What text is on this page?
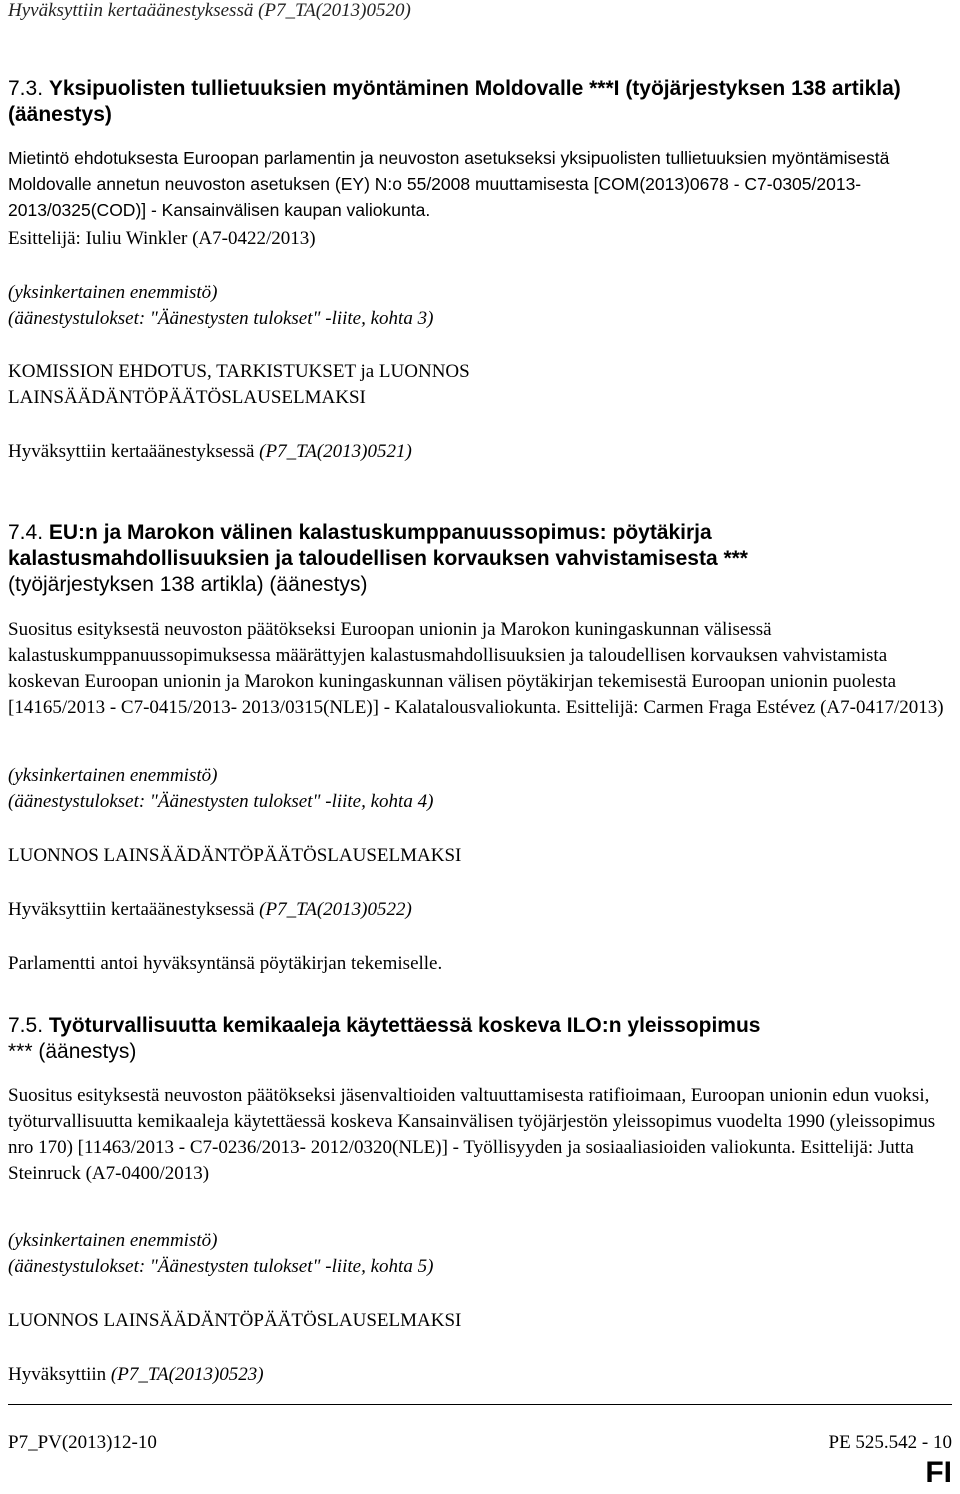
Hyväksyttiin kertaäänestyksessä (P7_TA(2013)0520)

7.3. Yksipuolisten tullietuuksien myöntäminen Moldovalle ***I (työjärjestyksen 138 artikla) (äänestys)

Mietintö ehdotuksesta Euroopan parlamentin ja neuvoston asetukseksi yksipuolisten tullietuuksien myöntämisestä Moldovalle annetun neuvoston asetuksen (EY) N:o 55/2008 muuttamisesta [COM(2013)0678 - C7-0305/2013- 2013/0325(COD)] - Kansainvälisen kaupan valiokunta.

Esittelijä: Iuliu Winkler (A7-0422/2013)

(yksinkertainen enemmistö)

(äänestystulokset: "Äänestysten tulokset" -liite, kohta 3)

KOMISSION EHDOTUS, TARKISTUKSET ja LUONNOS

LAINSÄÄDÄNTÖPÄÄTÖSLAUSELMAKSI

Hyväksyttiin kertaäänestyksessä (P7_TA(2013)0521)

7.4. EU:n ja Marokon välinen kalastuskumppanuussopimus: pöytäkirja kalastusmahdollisuuksien ja taloudellisen korvauksen vahvistamisesta ***
(työjärjestyksen 138 artikla) (äänestys)

Suositus esityksestä neuvoston päätökseksi Euroopan unionin ja Marokon kuningaskunnan välisessä kalastuskumppanuussopimuksessa määrättyjen kalastusmahdollisuuksien ja taloudellisen korvauksen vahvistamista koskevan Euroopan unionin ja Marokon kuningaskunnan välisen pöytäkirjan tekemisestä Euroopan unionin puolesta [14165/2013 - C7-0415/2013- 2013/0315(NLE)] - Kalatalousvaliokunta. Esittelijä: Carmen Fraga Estévez (A7-0417/2013)

(yksinkertainen enemmistö)

(äänestystulokset: "Äänestysten tulokset" -liite, kohta 4)

LUONNOS LAINSÄÄDÄNTÖPÄÄTÖSLAUSELMAKSI

Hyväksyttiin kertaäänestyksessä (P7_TA(2013)0522)

Parlamentti antoi hyväksyntänsä pöytäkirjan tekemiselle.

7.5. Työturvallisuutta kemikaaleja käytettäessä koskeva ILO:n yleissopimus
*** (äänestys)

Suositus esityksestä neuvoston päätökseksi jäsenvaltioiden valtuuttamisesta ratifioimaan, Euroopan unionin edun vuoksi, työturvallisuutta kemikaaleja käytettäessä koskeva Kansainvälisen työjärjestön yleissopimus vuodelta 1990 (yleissopimus nro 170) [11463/2013 - C7-0236/2013- 2012/0320(NLE)] - Työllisyyden ja sosiaaliasioiden valiokunta. Esittelijä: Jutta Steinruck (A7-0400/2013)

(yksinkertainen enemmistö)

(äänestystulokset: "Äänestysten tulokset" -liite, kohta 5)

LUONNOS LAINSÄÄDÄNTÖPÄÄTÖSLAUSELMAKSI

Hyväksyttiin (P7_TA(2013)0523)

P7_PV(2013)12-10	PE 525.542 - 10
FI
